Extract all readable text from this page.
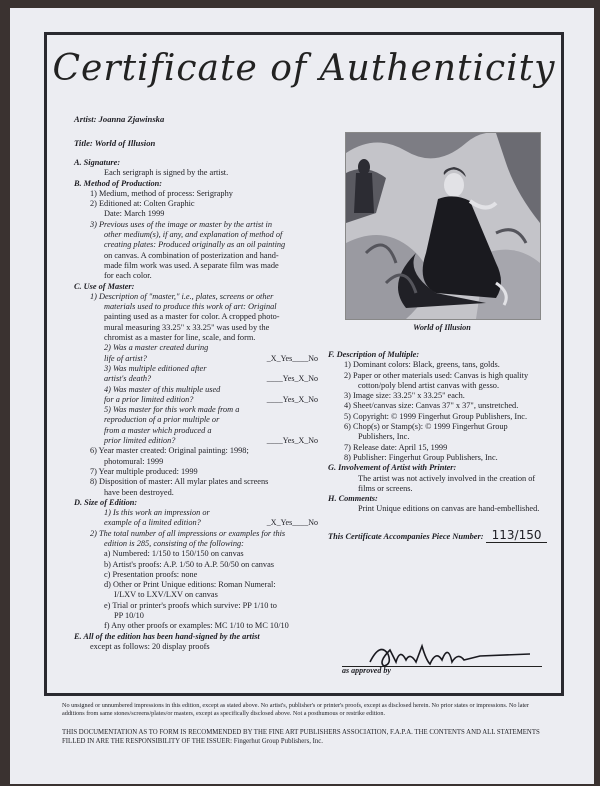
Certificate of Authenticity
Artist: Joanna Zjawinska
Title: World of Illusion
A. Signature:
Each serigraph is signed by the artist.
B. Method of Production:
1) Medium, method of process: Serigraphy
2) Editioned at: Colten Graphic
Date: March 1999
3) Previous uses of the image or master by the artist in
other medium(s), if any, and explanation of method of
creating plates: Produced originally as an oil painting
on canvas. A combination of posterization and hand-
made film work was used. A separate film was made
for each color.
C. Use of Master:
1) Description of "master," i.e., plates, screens or other
materials used to produce this work of art: Original
painting used as a master for color. A cropped photo-
mural measuring 33.25" x 33.25" was used by the
chromist as a master for line, scale, and form.
2) Was a master created during
life of artist?	_X_Yes____No
3) Was multiple editioned after
artist's death?	____Yes_X_No
4) Was master of this multiple used
for a prior limited edition?	____Yes_X_No
5) Was master for this work made from a
reproduction of a prior multiple or
from a master which produced a
prior limited edition?	____Yes_X_No
6) Year master created: Original painting: 1998;
photomural: 1999
7) Year multiple produced: 1999
8) Disposition of master: All mylar plates and screens
have been destroyed.
D. Size of Edition:
1) Is this work an impression or
example of a limited edition?	_X_Yes____No
2) The total number of all impressions or examples for this
edition is 285, consisting of the following:
a) Numbered: 1/150 to 150/150 on canvas
b) Artist's proofs: A.P. 1/50 to A.P. 50/50 on canvas
c) Presentation proofs: none
d) Other or Print Unique editions: Roman Numeral:
I/LXV to LXV/LXV on canvas
e) Trial or printer's proofs which survive: PP 1/10 to
PP 10/10
f) Any other proofs or examples: MC 1/10 to MC 10/10
E. All of the edition has been hand-signed by the artist
except as follows: 20 display proofs
World of Illusion
F. Description of Multiple:
1) Dominant colors: Black, greens, tans, golds.
2) Paper or other materials used: Canvas is high quality
cotton/poly blend artist canvas with gesso.
3) Image size: 33.25" x 33.25" each.
4) Sheet/canvas size: Canvas 37" x 37", unstretched.
5) Copyright: © 1999 Fingerhut Group Publishers, Inc.
6) Chop(s) or Stamp(s): © 1999 Fingerhut Group
Publishers, Inc.
7) Release date: April 15, 1999
8) Publisher: Fingerhut Group Publishers, Inc.
G. Involvement of Artist with Printer:
The artist was not actively involved in the creation of
films or screens.
H. Comments:
Print Unique editions on canvas are hand-embellished.
This Certificate Accompanies Piece Number: 113/150
as approved by
No unsigned or unnumbered impressions in this edition, except as stated above. No artist's, publisher's or printer's proofs, except as disclosed herein. No prior states or impressions. No later additions from same stones/screens/plates/or masters, except as specifically disclosed above. Not a posthumous or restrike edition.
THIS DOCUMENTATION AS TO FORM IS RECOMMENDED BY THE FINE ART PUBLISHERS ASSOCIATION, F.A.P.A. THE CONTENTS AND ALL STATEMENTS FILLED IN ARE THE RESPONSIBILITY OF THE ISSUER: Fingerhut Group Publishers, Inc.
